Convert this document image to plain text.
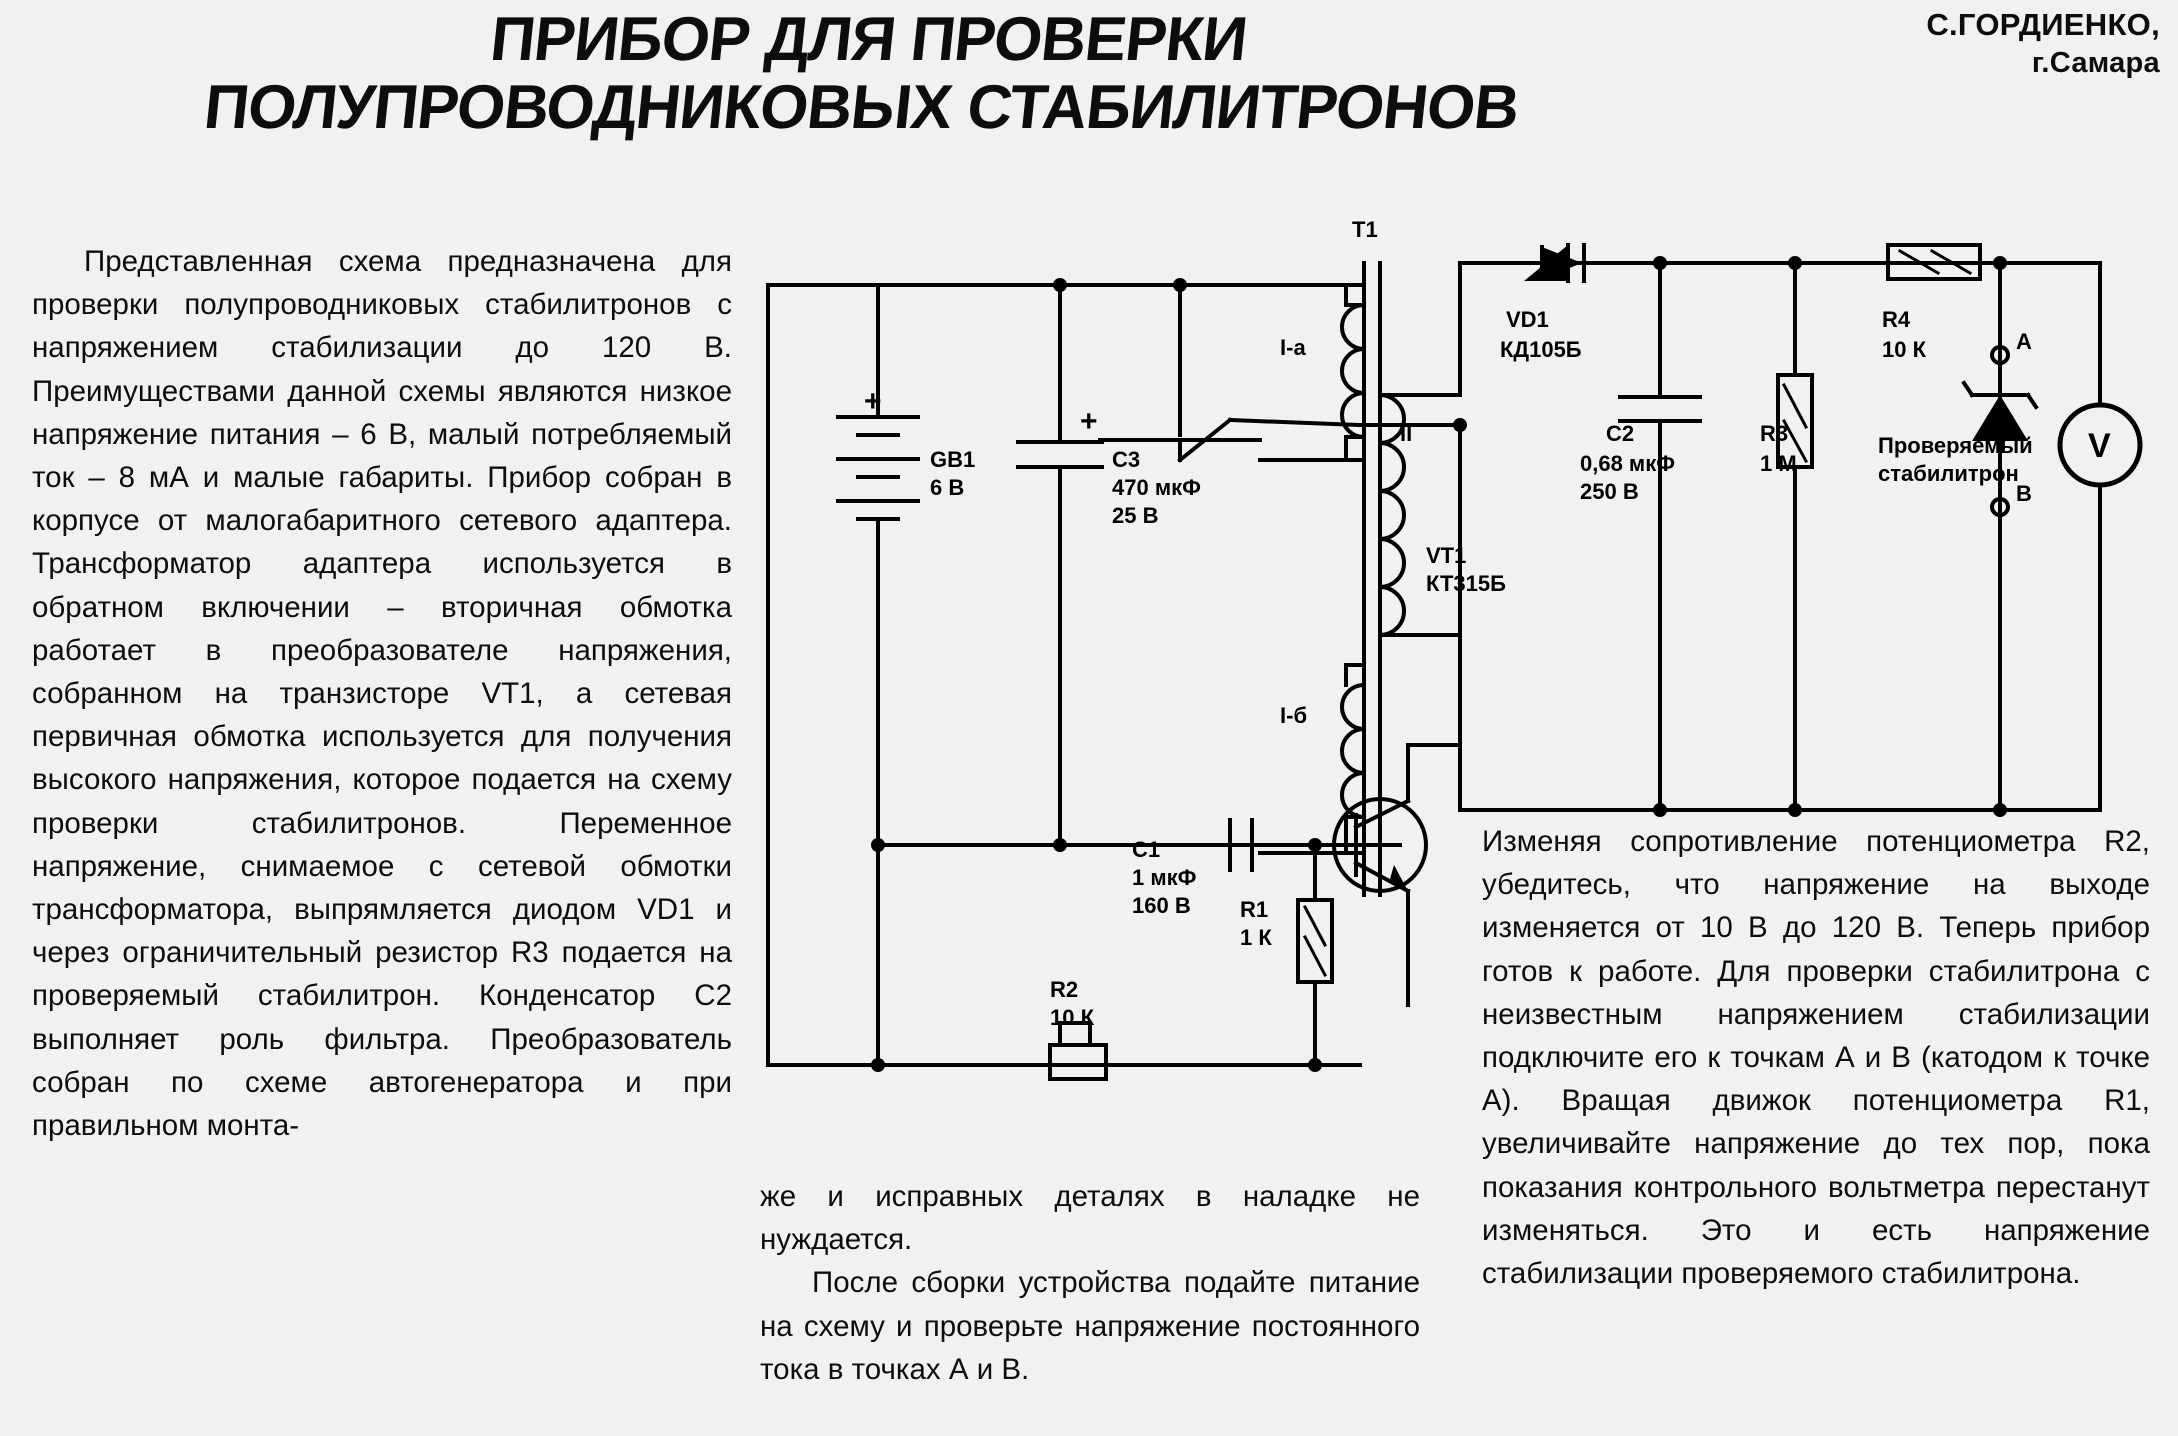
С.ГОРДИЕНКО,
г.Самара
ПРИБОР ДЛЯ ПРОВЕРКИ
ПОЛУПРОВОДНИКОВЫХ СТАБИЛИТРОНОВ

Представленная схема предназначена для проверки полупроводниковых стабилитронов с напряжением стабилизации до 120 В. Преимуществами данной схемы являются низкое напряжение питания – 6 В, малый потребляемый ток – 8 мА и малые габариты. Прибор собран в корпусе от малогабаритного сетевого адаптера. Трансформатор адаптера используется в обратном включении – вторичная обмотка работает в преобразователе напряжения, собранном на транзисторе VT1, а сетевая первичная обмотка используется для получения высокого напряжения, которое подается на схему проверки стабилитронов. Переменное напряжение, снимаемое с сетевой обмотки трансформатора, выпрямляется диодом VD1 и через ограничительный резистор R3 подается на проверяемый стабилитрон. Конденсатор С2 выполняет роль фильтра. Преобразователь собран по схеме автогенератора и при правильном монта-

же и исправных деталях в наладке не нуждается.

После сборки устройства подайте питание на схему и проверьте напряжение постоянного тока в точках А и В.

Изменяя сопротивление потенциометра R2, убедитесь, что напряжение на выходе изменяется от 10 В до 120 В. Теперь прибор готов к работе. Для проверки стабилитрона с неизвестным напряжением стабилизации подключите его к точкам А и В (катодом к точке А). Вращая движок потенциометра R1, увеличивайте напряжение до тех пор, пока показания контрольного вольтметра перестанут изменяться. Это и есть напряжение стабилизации проверяемого стабилитрона.

T1
I-а
I-б
II
VD1
КД105Б
R4
10 К
R3
1 М
C2
0,68 мкФ
250 В
Проверяемый
стабилитрон
V
GB1
6 В
+
C3
470 мкФ
25 В
+
C1
1 мкФ
160 В R1
1 К
R2
10 К
VT1
КТ315Б
А
В
